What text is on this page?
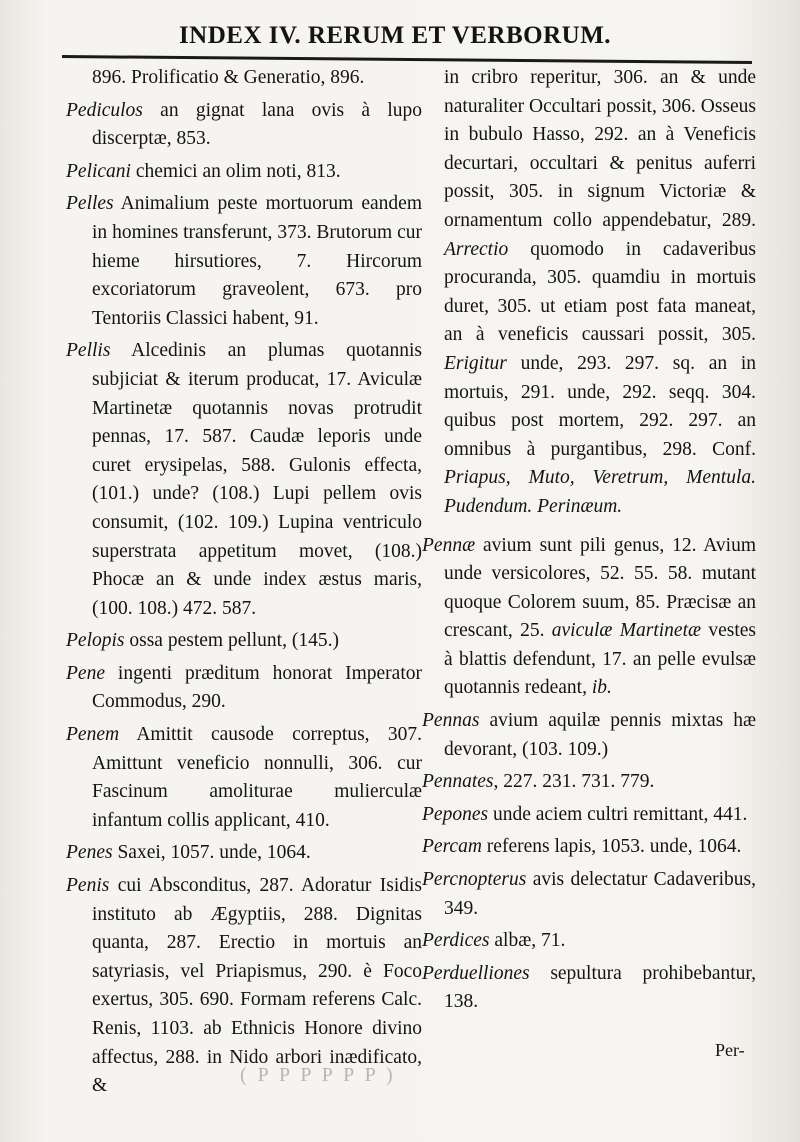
INDEX IV. RERUM ET VERBORUM.

896. Prolificatio & Generatio, 896.

Pediculos an gignat lana ovis à lupo discerptæ, 853.

Pelicani chemici an olim noti, 813.

Pelles Animalium peste mortuorum eandem in homines transferunt, 373. Brutorum cur hieme hirsutiores, 7. Hircorum excoriatorum graveolent, 673. pro Tentoriis Classici habent, 91.

Pellis Alcedinis an plumas quotannis subjiciat & iterum producat, 17. Aviculæ Martinetæ quotannis novas protrudit pennas, 17. 587. Caudæ leporis unde curet erysipelas, 588. Gulonis effecta, (101.) unde? (108.) Lupi pellem ovis consumit, (102. 109.) Lupina ventriculo superstrata appetitum movet, (108.) Phocæ an & unde index æstus maris, (100. 108.) 472. 587.

Pelopis ossa pestem pellunt, (145.)

Pene ingenti præditum honorat Imperator Commodus, 290.

Penem Amittit causode correptus, 307. Amittunt veneficio nonnulli, 306. cur Fascinum amoliturae mulierculæ infantum collis applicant, 410.

Penes Saxei, 1057. unde, 1064.

Penis cui Absconditus, 287. Adoratur Isidis instituto ab Ægyptiis, 288. Dignitas quanta, 287. Erectio in mortuis an satyriasis, vel Priapismus, 290. è Foco exertus, 305. 690. Formam referens Calc. Renis, 1103. ab Ethnicis Honore divino affectus, 288. in Nido arbori inædificato, &

in cribro reperitur, 306. an & unde naturaliter Occultari possit, 306. Osseus in bubulo Hasso, 292. an à Veneficis decurtari, occultari & penitus auferri possit, 305. in signum Victoriæ & ornamentum collo appendebatur, 289. Arrectio quomodo in cadaveribus procuranda, 305. quamdiu in mortuis duret, 305. ut etiam post fata maneat, an à veneficis caussari possit, 305. Erigitur unde, 293. 297. sq. an in mortuis, 291. unde, 292. seqq. 304. quibus post mortem, 292. 297. an omnibus à purgantibus, 298. Conf. Priapus, Muto, Veretrum, Mentula. Pudendum. Perinæum.

Pennæ avium sunt pili genus, 12. Avium unde versicolores, 52. 55. 58. mutant quoque Colorem suum, 85. Præcisæ an crescant, 25. aviculæ Martinetæ vestes à blattis defendunt, 17. an pelle evulsæ quotannis redeant, ib.

Pennas avium aquilæ pennis mixtas hæ devorant, (103. 109.)

Pennates, 227. 231. 731. 779.

Pepones unde aciem cultri remittant, 441.

Percam referens lapis, 1053. unde, 1064.

Percnopterus avis delectatur Cadaveribus, 349.

Perdices albæ, 71.

Perduelliones sepultura prohibebantur, 138.

Per-
( P P P P P P )
